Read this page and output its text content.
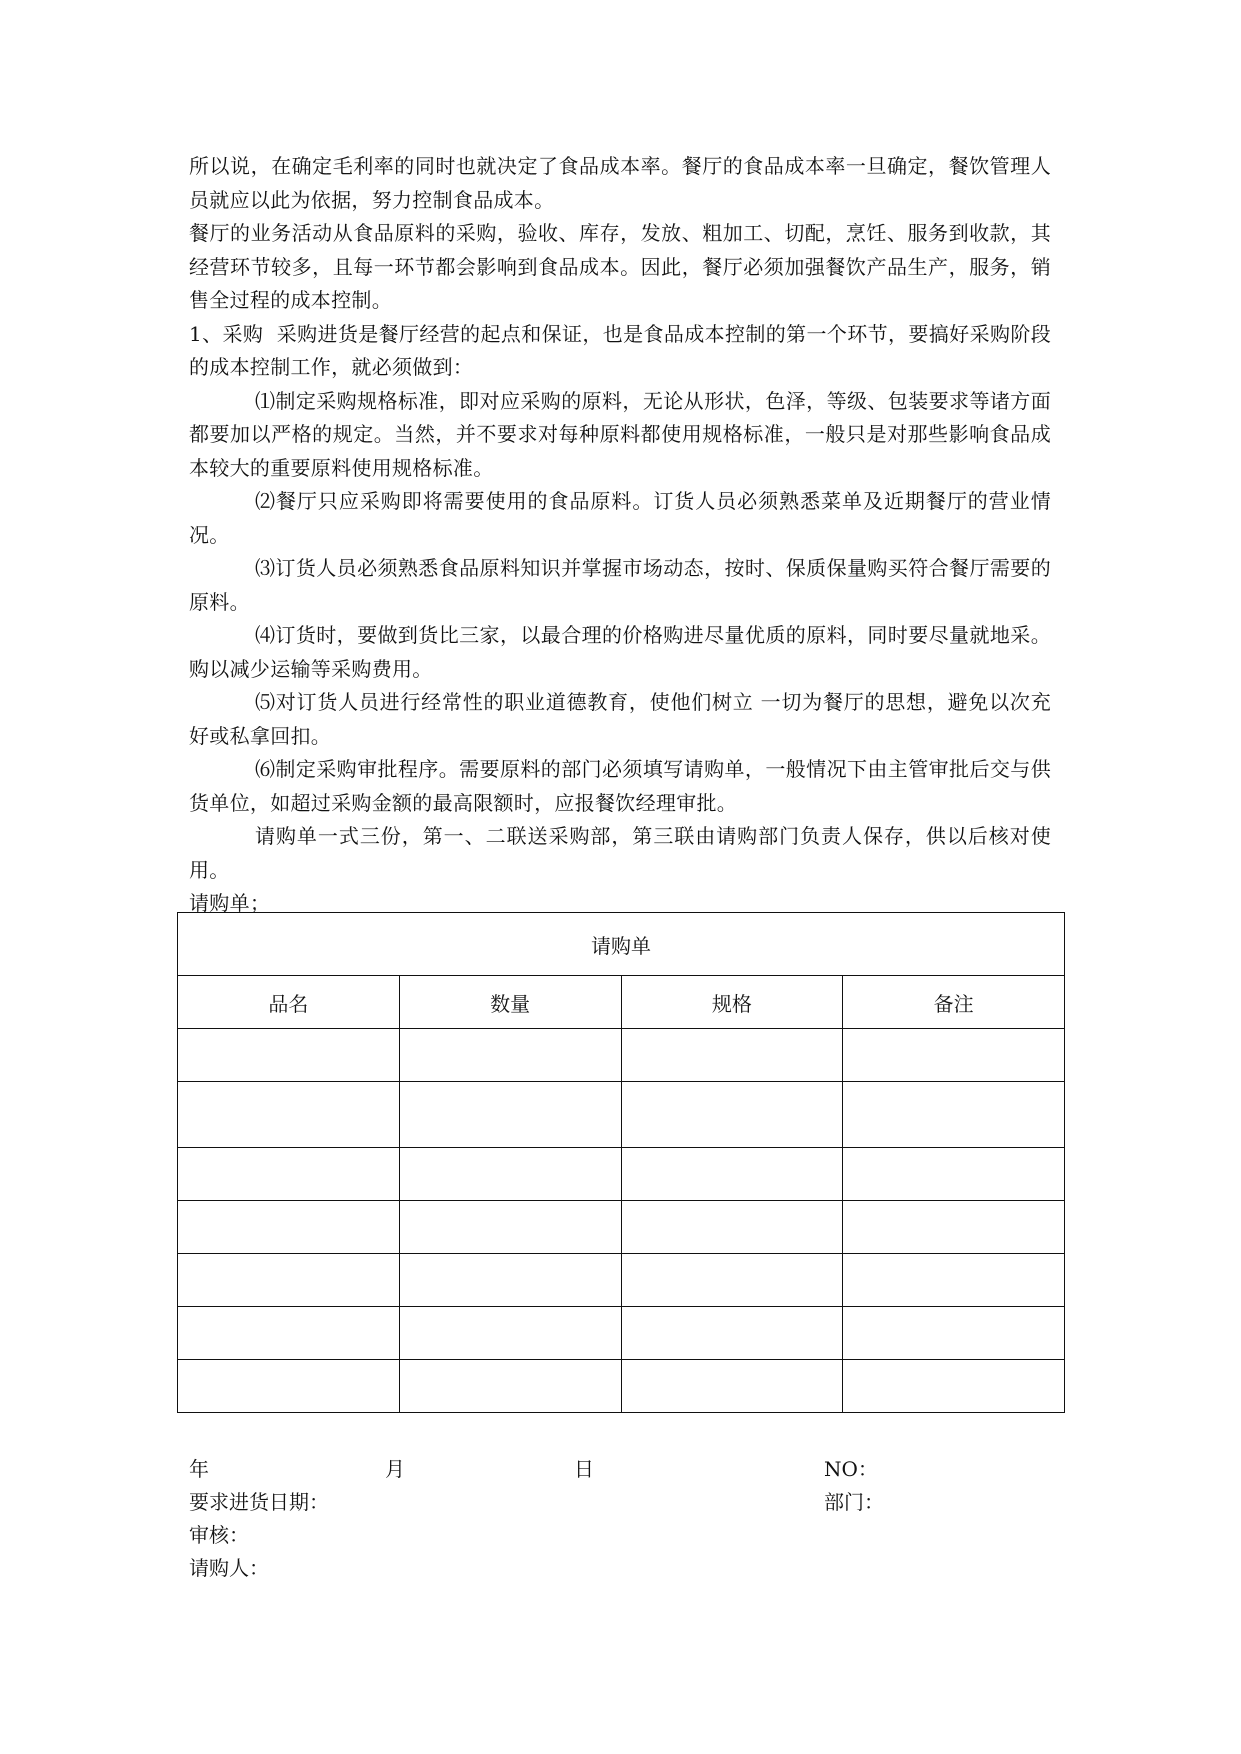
所以说，在确定毛利率的同时也就决定了食品成本率。餐厅的食品成本率一旦确定，餐饮管理人员就应以此为依据，努力控制食品成本。

餐厅的业务活动从食品原料的采购，验收、库存，发放、粗加工、切配，烹饪、服务到收款，其经营环节较多，且每一环节都会影响到食品成本。因此，餐厅必须加强餐饮产品生产，服务，销售全过程的成本控制。

1、采购  采购进货是餐厅经营的起点和保证，也是食品成本控制的第一个环节，要搞好采购阶段的成本控制工作，就必须做到：

⑴制定采购规格标准，即对应采购的原料，无论从形状，色泽，等级、包装要求等诸方面都要加以严格的规定。当然，并不要求对每种原料都使用规格标准，一般只是对那些影响食品成本较大的重要原料使用规格标准。

⑵餐厅只应采购即将需要使用的食品原料。订货人员必须熟悉菜单及近期餐厅的营业情况。

⑶订货人员必须熟悉食品原料知识并掌握市场动态，按时、保质保量购买符合餐厅需要的原料。

⑷订货时，要做到货比三家，以最合理的价格购进尽量优质的原料，同时要尽量就地采。购以减少运输等采购费用。

⑸对订货人员进行经常性的职业道德教育，使他们树立 一切为餐厅的思想，避免以次充好或私拿回扣。

⑹制定采购审批程序。需要原料的部门必须填写请购单，一般情况下由主管审批后交与供货单位，如超过采购金额的最高限额时，应报餐饮经理审批。

请购单一式三份，第一、二联送采购部，第三联由请购部门负责人保存，供以后核对使用。

请购单；

请购单			
品名	数量	规格	备注

年	月	日	NO：
要求进货日期：	部门：
审核：
请购人：
